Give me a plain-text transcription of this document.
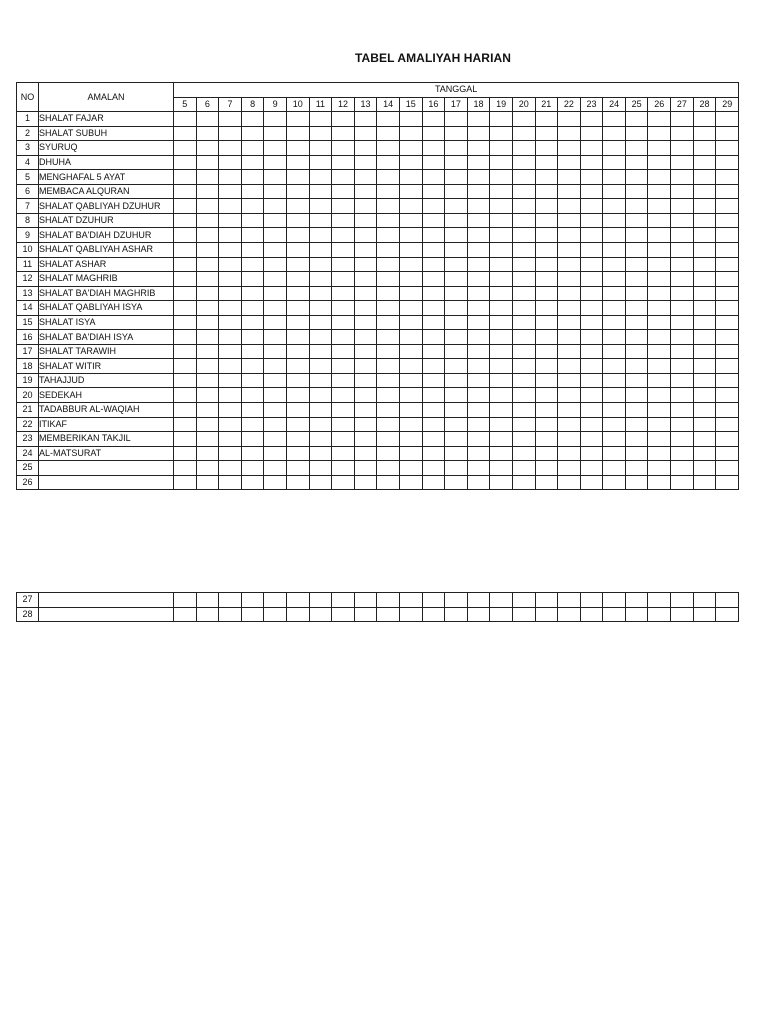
TABEL AMALIYAH HARIAN
NO	AMALAN	TANGGAL																								
		5	6	7	8	9	10	11	12	13	14	15	16	17	18	19	20	21	22	23	24	25	26	27	28	29
1	SHALAT FAJAR																									
2	SHALAT SUBUH																									
3	SYURUQ																									
4	DHUHA																									
5	MENGHAFAL 5 AYAT																									
6	MEMBACA ALQURAN																									
7	SHALAT QABLIYAH DZUHUR																									
8	SHALAT DZUHUR																									
9	SHALAT BA'DIAH DZUHUR																									
10	SHALAT QABLIYAH ASHAR																									
11	SHALAT ASHAR																									
12	SHALAT MAGHRIB																									
13	SHALAT BA'DIAH MAGHRIB																									
14	SHALAT QABLIYAH ISYA																									
15	SHALAT ISYA																									
16	SHALAT BA'DIAH ISYA																									
17	SHALAT TARAWIH																									
18	SHALAT WITIR																									
19	TAHAJJUD																									
20	SEDEKAH																									
21	TADABBUR AL-WAQIAH																									
22	ITIKAF																									
23	MEMBERIKAN TAKJIL																									
24	AL-MATSURAT																									
25																										
26																										
27																										
28																										
